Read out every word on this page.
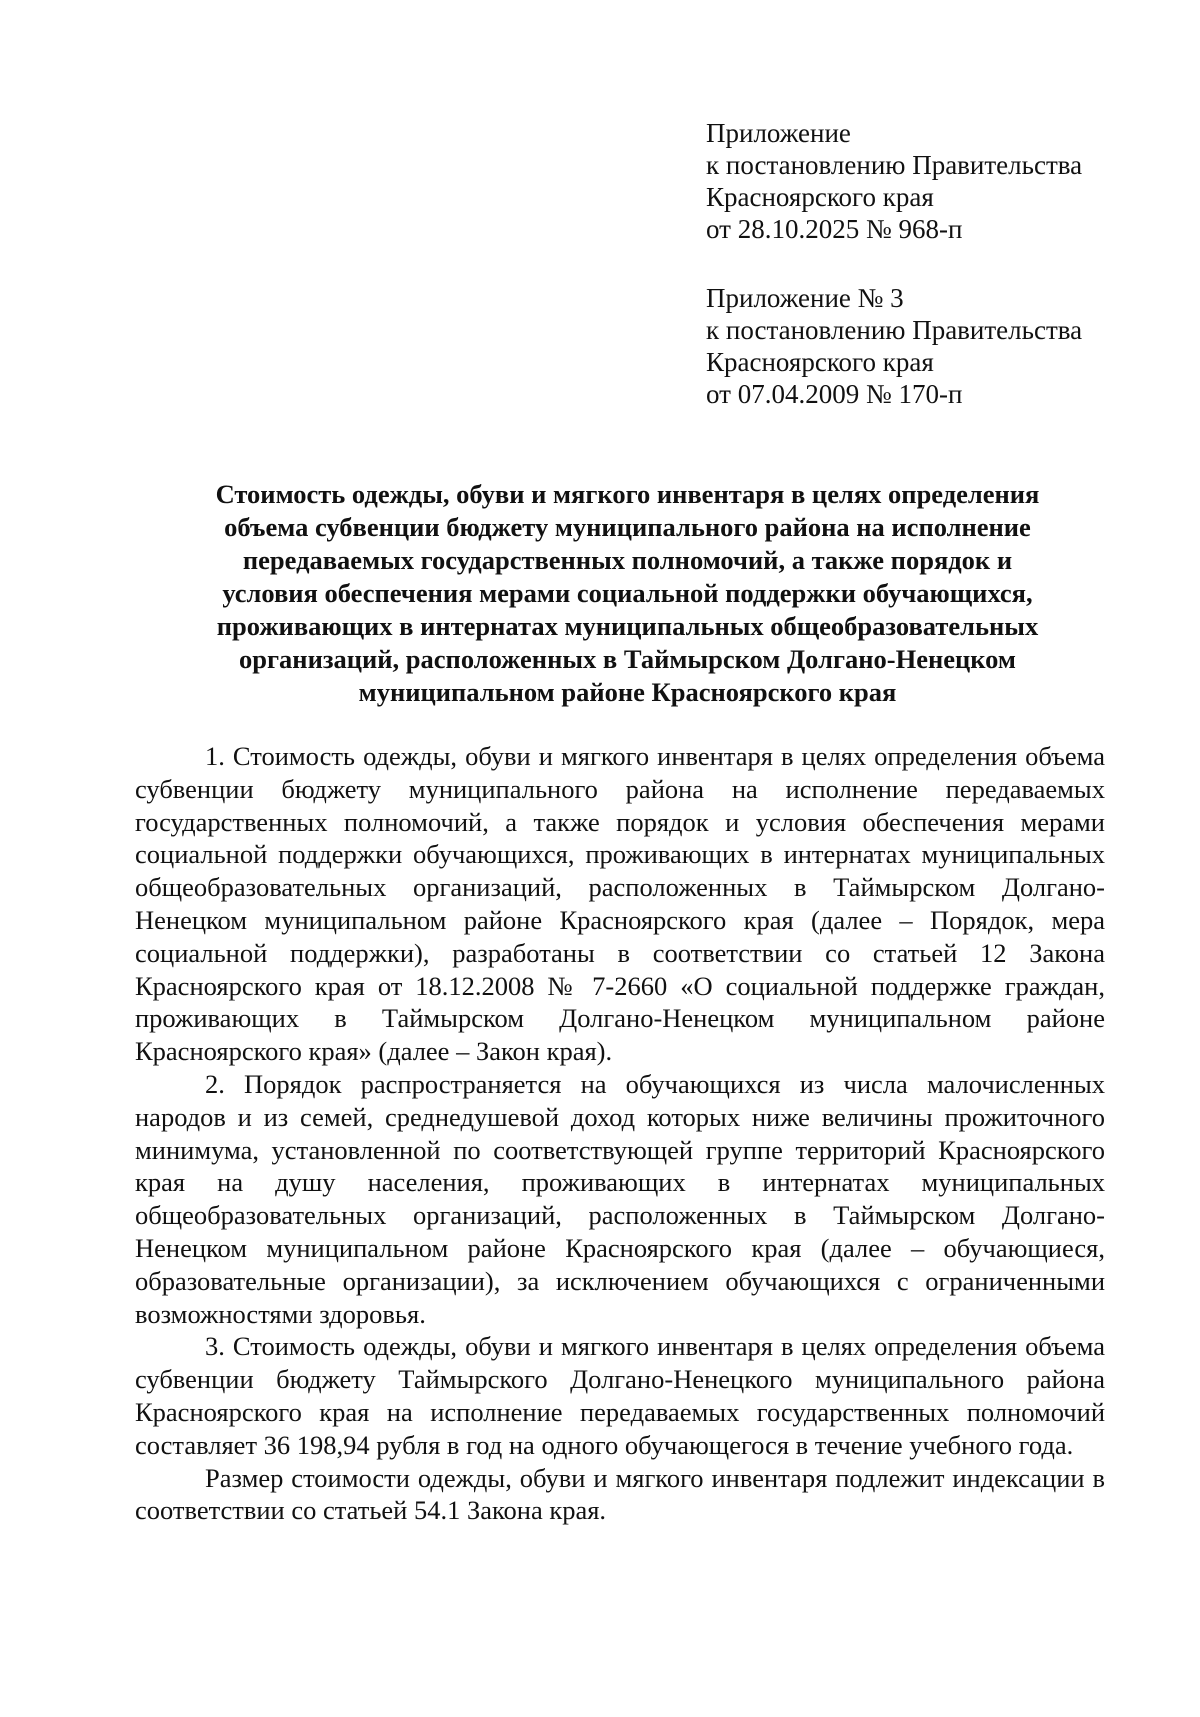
Приложение
к постановлению Правительства
Красноярского края
от 28.10.2025 № 968-п
Приложение № 3
к постановлению Правительства
Красноярского края
от 07.04.2009 № 170-п
Стоимость одежды, обуви и мягкого инвентаря в целях определения
объема субвенции бюджету муниципального района на исполнение
передаваемых государственных полномочий, а также порядок и
условия обеспечения мерами социальной поддержки обучающихся,
проживающих в интернатах муниципальных общеобразовательных
организаций, расположенных в Таймырском Долгано-Ненецком
муниципальном районе Красноярского края

1. Стоимость одежды, обуви и мягкого инвентаря в целях определения объема субвенции бюджету муниципального района на исполнение передаваемых государственных полномочий, а также порядок и условия обеспечения мерами социальной поддержки обучающихся, проживающих в интернатах муниципальных общеобразовательных организаций, расположенных в Таймырском Долгано-Ненецком муниципальном районе Красноярского края (далее – Порядок, мера социальной поддержки), разработаны в соответствии со статьей 12 Закона Красноярского края от 18.12.2008 № 7-2660 «О социальной поддержке граждан, проживающих в Таймырском Долгано-Ненецком муниципальном районе Красноярского края» (далее – Закон края).

2. Порядок распространяется на обучающихся из числа малочисленных народов и из семей, среднедушевой доход которых ниже величины прожиточного минимума, установленной по соответствующей группе территорий Красноярского края на душу населения, проживающих в интернатах муниципальных общеобразовательных организаций, расположенных в Таймырском Долгано-Ненецком муниципальном районе Красноярского края (далее – обучающиеся, образовательные организации), за исключением обучающихся с ограниченными возможностями здоровья.

3. Стоимость одежды, обуви и мягкого инвентаря в целях определения объема субвенции бюджету Таймырского Долгано-Ненецкого муниципального района Красноярского края на исполнение передаваемых государственных полномочий составляет 36 198,94 рубля в год на одного обучающегося в течение учебного года.

Размер стоимости одежды, обуви и мягкого инвентаря подлежит индексации в соответствии со статьей 54.1 Закона края.
